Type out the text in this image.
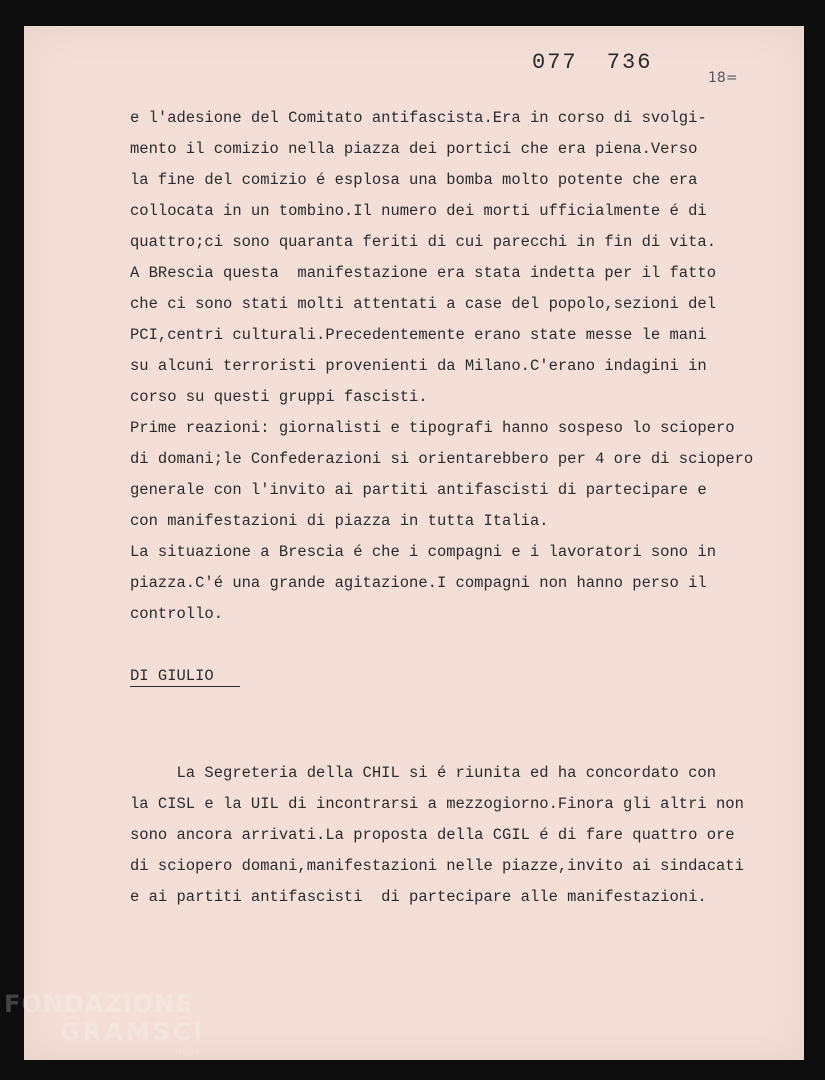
077 736
18=
e l'adesione del Comitato antifascista.Era in corso di svolgi-
mento il comizio nella piazza dei portici che era piena.Verso
la fine del comizio é esplosa una bomba molto potente che era
collocata in un tombino.Il numero dei morti ufficialmente é di
quattro;ci sono quaranta feriti di cui parecchi in fin di vita.
A BRescia questa  manifestazione era stata indetta per il fatto
che ci sono stati molti attentati a case del popolo,sezioni del
PCI,centri culturali.Precedentemente erano state messe le mani
su alcuni terroristi provenienti da Milano.C'erano indagini in
corso su questi gruppi fascisti.
Prime reazioni: giornalisti e tipografi hanno sospeso lo sciopero
di domani;le Confederazioni si orientarebbero per 4 ore di sciopero
generale con l'invito ai partiti antifascisti di partecipare e
con manifestazioni di piazza in tutta Italia.
La situazione a Brescia é che i compagni e i lavoratori sono in
piazza.C'é una grande agitazione.I compagni non hanno perso il
controllo.
DI GIULIO
La Segreteria della CHIL si é riunita ed ha concordato con
la CISL e la UIL di incontrarsi a mezzogiorno.Finora gli altri non
sono ancora arrivati.La proposta della CGIL é di fare quattro ore
di sciopero domani,manifestazioni nelle piazze,invito ai sindacati
e ai partiti antifascisti  di partecipare alle manifestazioni.
FONDAZIONE
GRAMSCI
onlus
